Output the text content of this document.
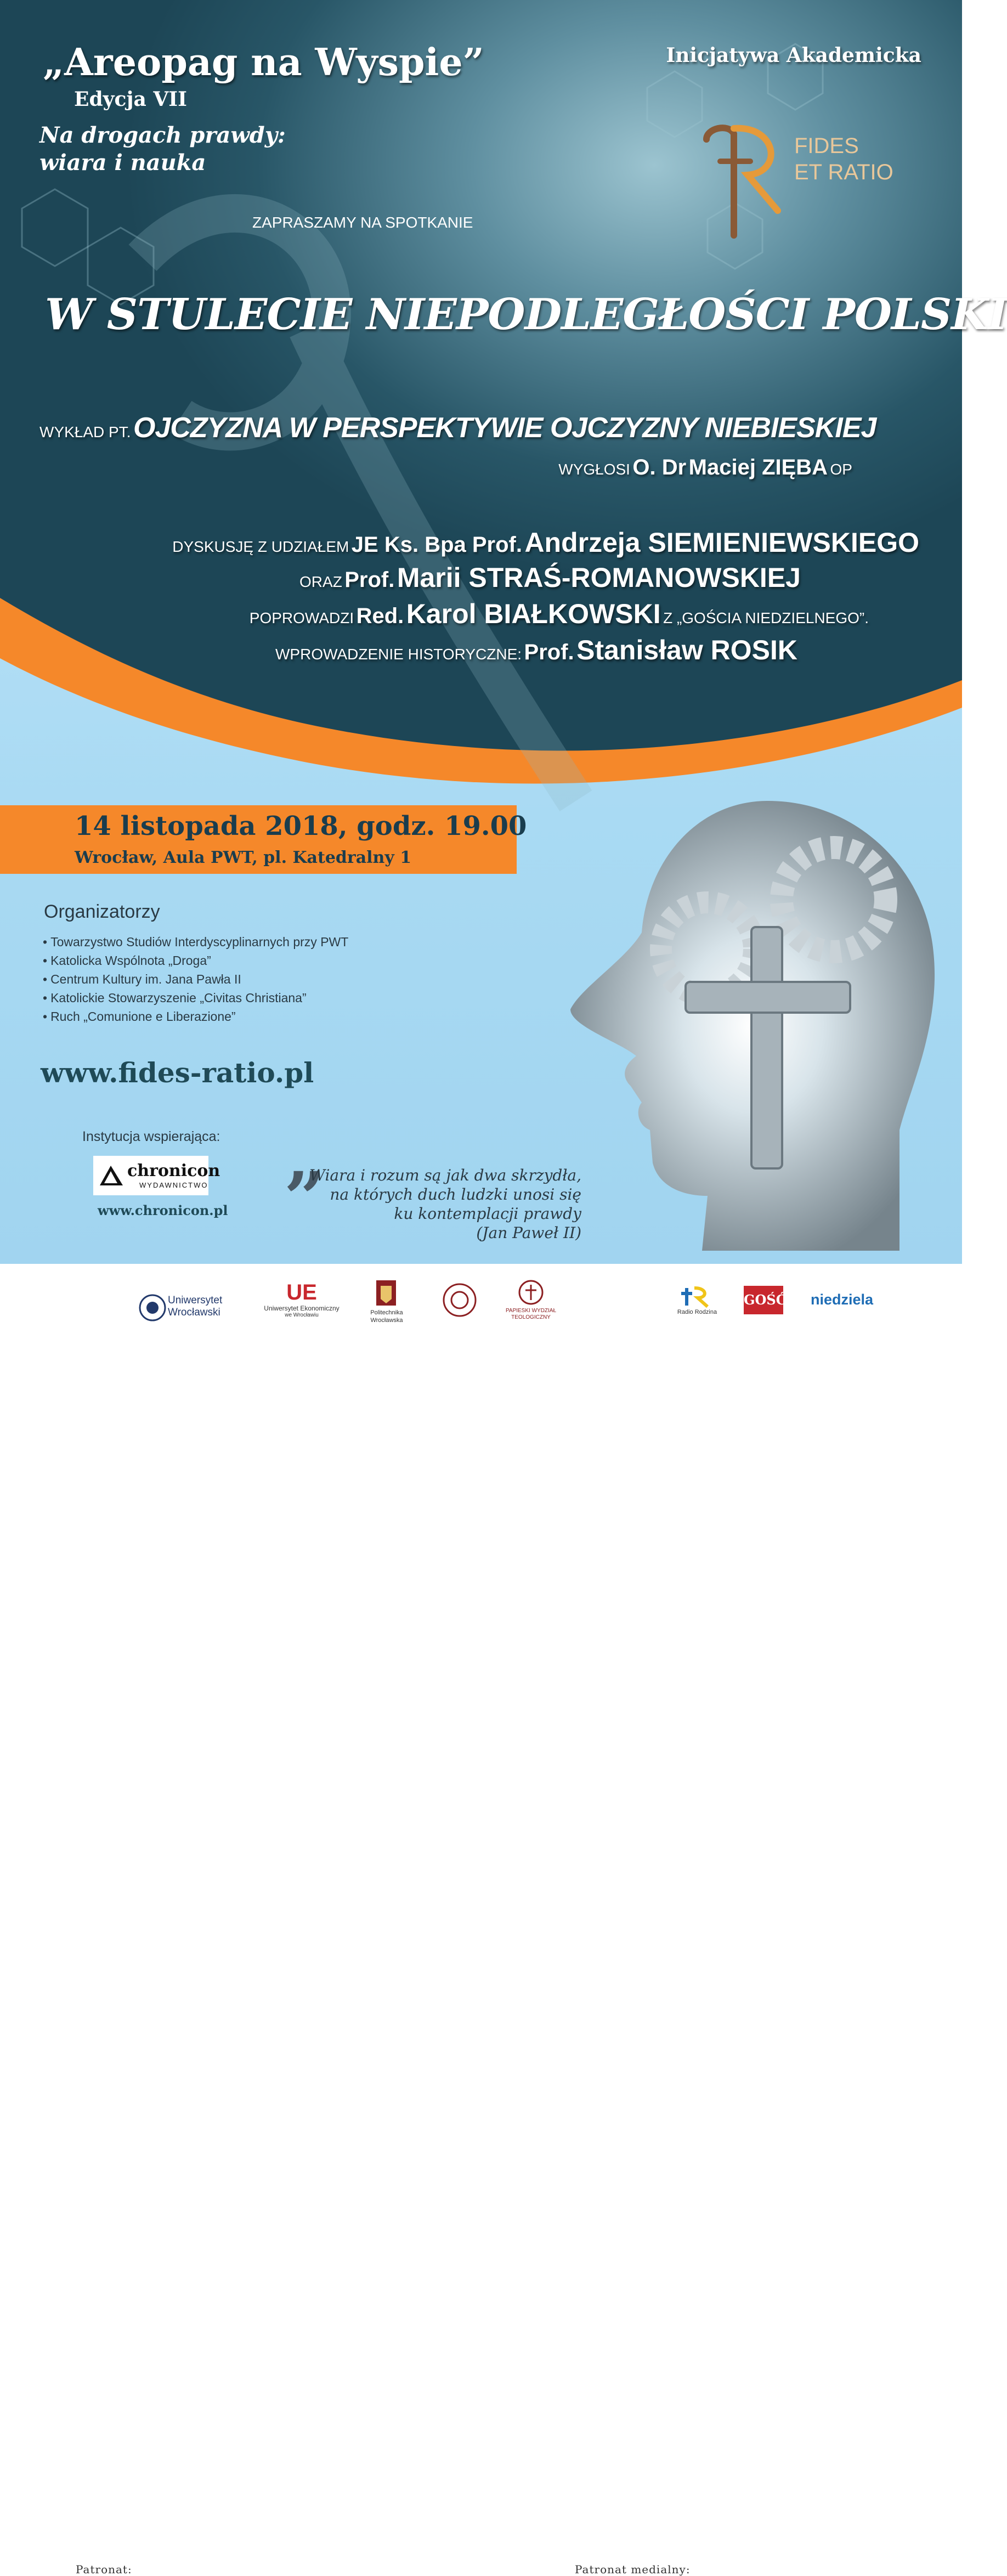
„Areopag na Wyspie”
Edycja VII
Na drogach prawdy:
wiara i nauka
Inicjatywa Akademicka
FIDES
ET RATIO
ZAPRASZAMY NA SPOTKANIE
W STULECIE NIEPODLEGŁOŚCI POLSKI
WYKŁAD PT. OJCZYZNA W PERSPEKTYWIE OJCZYZNY NIEBIESKIEJ
WYGŁOSI O. Dr Maciej ZIĘBA OP
DYSKUSJĘ Z UDZIAŁEM JE Ks. Bpa Prof. Andrzeja SIEMIENIEWSKIEGO
ORAZ Prof. Marii STRAŚ-ROMANOWSKIEJ
POPROWADZI Red. Karol BIAŁKOWSKI Z „GOŚCIA NIEDZIELNEGO”.
WPROWADZENIE HISTORYCZNE: Prof. Stanisław ROSIK
14 listopada 2018, godz. 19.00
Wrocław, Aula PWT, pl. Katedralny 1
Organizatorzy
• Towarzystwo Studiów Interdyscyplinarnych przy PWT
• Katolicka Wspólnota „Droga”
• Centrum Kultury im. Jana Pawła II
• Katolickie Stowarzyszenie „Civitas Christiana”
• Ruch „Comunione e Liberazione”
www.fides-ratio.pl
Instytucja wspierająca:
chronicon
WYDAWNICTWO
www.chronicon.pl
„
Wiara i rozum są jak dwa skrzydła,
na których duch ludzki unosi się
ku kontemplacji prawdy
(Jan Paweł II)
Patronat:
Uniwersytet
Wrocławski
UE
Uniwersytet Ekonomiczny
we Wrocławiu	Politechnika
Wrocławska
PAPIESKI WYDZIAŁ
TEOLOGICZNY
Patronat medialny:
Radio Rodzina
GOŚĆ niedziela
